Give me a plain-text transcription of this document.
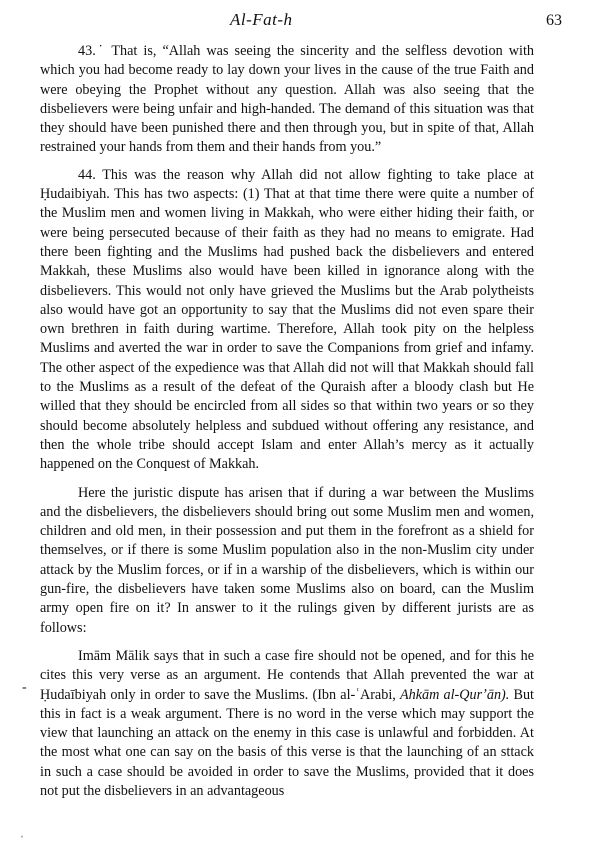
Al-Fat-h	63

43.˙ That is, “Allah was seeing the sincerity and the selfless devotion with which you had become ready to lay down your lives in the cause of the true Faith and were obeying the Prophet without any question. Allah was also seeing that the disbelievers were being unfair and high-handed. The demand of this situation was that they should have been punished there and then through you, but in spite of that, Allah restrained your hands from them and their hands from you.”

44. This was the reason why Allah did not allow fighting to take place at Ḥudaibiyah. This has two aspects: (1) That at that time there were quite a number of the Muslim men and women living in Makkah, who were either hiding their faith, or were being persecuted because of their faith as they had no means to emigrate. Had there been fighting and the Muslims had pushed back the disbelievers and entered Makkah, these Muslims also would have been killed in ignorance along with the disbelievers. This would not only have grieved the Muslims but the Arab polytheists also would have got an opportunity to say that the Muslims did not even spare their own brethren in faith during wartime. Therefore, Allah took pity on the helpless Muslims and averted the war in order to save the Companions from grief and infamy. The other aspect of the expedience was that Allah did not will that Makkah should fall to the Muslims as a result of the defeat of the Quraish after a bloody clash but He willed that they should be encircled from all sides so that within two years or so they should become absolutely helpless and subdued without offering any resistance, and then the whole tribe should accept Islam and enter Allah’s mercy as it actually happened on the Conquest of Makkah.

Here the juristic dispute has arisen that if during a war between the Muslims and the disbelievers, the disbelievers should bring out some Muslim men and women, children and old men, in their possession and put them in the forefront as a shield for themselves, or if there is some Muslim population also in the non-Muslim city under attack by the Muslim forces, or if in a warship of the disbelievers, which is within our gun-fire, the disbelievers have taken some Muslims also on board, can the Muslim army open fire on it? In answer to it the rulings given by different jurists are as follows:

Imām Mālik says that in such a case fire should not be opened, and for this he cites this very verse as an argument. He contends that Allah prevented the war at Ḥudaībiyah only in order to save the Muslims. (Ibn al-ʿArabi, Ahkām al-Qurʼān). But this in fact is a weak argument. There is no word in the verse which may support the view that launching an attack on the enemy in this case is unlawful and forbidden. At the most what one can say on the basis of this verse is that the launching of an sttack in such a case should be avoided in order to save the Muslims, provided that it does not put the disbelievers in an advantageous

-
ˌ
